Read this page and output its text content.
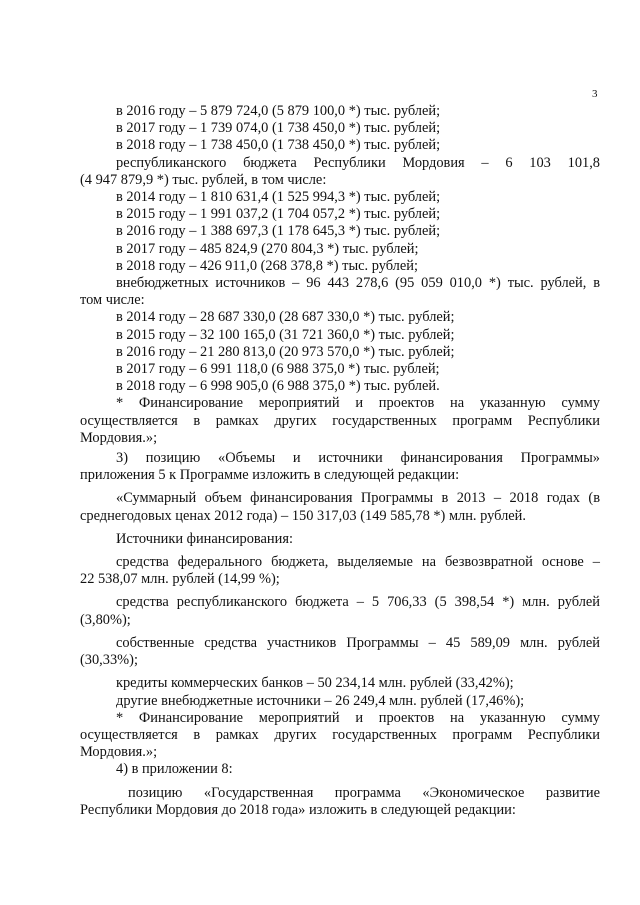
3
в 2016 году – 5 879 724,0 (5 879 100,0 *) тыс. рублей;
в 2017 году – 1 739 074,0 (1 738 450,0 *) тыс. рублей;
в 2018 году – 1 738 450,0 (1 738 450,0 *) тыс. рублей;
республиканского бюджета Республики Мордовия – 6 103 101,8
(4 947 879,9 *) тыс. рублей, в том числе:
в 2014 году – 1 810 631,4 (1 525 994,3 *) тыс. рублей;
в 2015 году – 1 991 037,2 (1 704 057,2 *) тыс. рублей;
в 2016 году – 1 388 697,3 (1 178 645,3 *) тыс. рублей;
в 2017 году – 485 824,9 (270 804,3 *) тыс. рублей;
в 2018 году – 426 911,0 (268 378,8 *) тыс. рублей;
внебюджетных источников – 96 443 278,6 (95 059 010,0 *) тыс. рублей, в
том числе:
в 2014 году – 28 687 330,0 (28 687 330,0 *) тыс. рублей;
в 2015 году – 32 100 165,0 (31 721 360,0 *) тыс. рублей;
в 2016 году – 21 280 813,0 (20 973 570,0 *) тыс. рублей;
в 2017 году – 6 991 118,0 (6 988 375,0 *) тыс. рублей;
в 2018 году – 6 998 905,0 (6 988 375,0 *) тыс. рублей.
* Финансирование мероприятий и проектов на указанную сумму
осуществляется в рамках других государственных программ Республики
Мордовия.»;
3) позицию «Объемы и источники финансирования Программы»
приложения 5 к Программе изложить в следующей редакции:
«Суммарный объем финансирования Программы в 2013 – 2018 годах (в
среднегодовых ценах 2012 года) – 150 317,03 (149 585,78 *) млн. рублей.
Источники финансирования:
средства федерального бюджета, выделяемые на безвозвратной основе –
22 538,07 млн. рублей (14,99 %);
средства республиканского бюджета – 5 706,33 (5 398,54 *) млн. рублей
(3,80%);
собственные средства участников Программы – 45 589,09 млн. рублей
(30,33%);
кредиты коммерческих банков – 50 234,14 млн. рублей (33,42%);
другие внебюджетные источники – 26 249,4 млн. рублей (17,46%);
* Финансирование мероприятий и проектов на указанную сумму
осуществляется в рамках других государственных программ Республики
Мордовия.»;
4) в приложении 8:
позицию «Государственная программа «Экономическое развитие
Республики Мордовия до 2018 года» изложить в следующей редакции:
